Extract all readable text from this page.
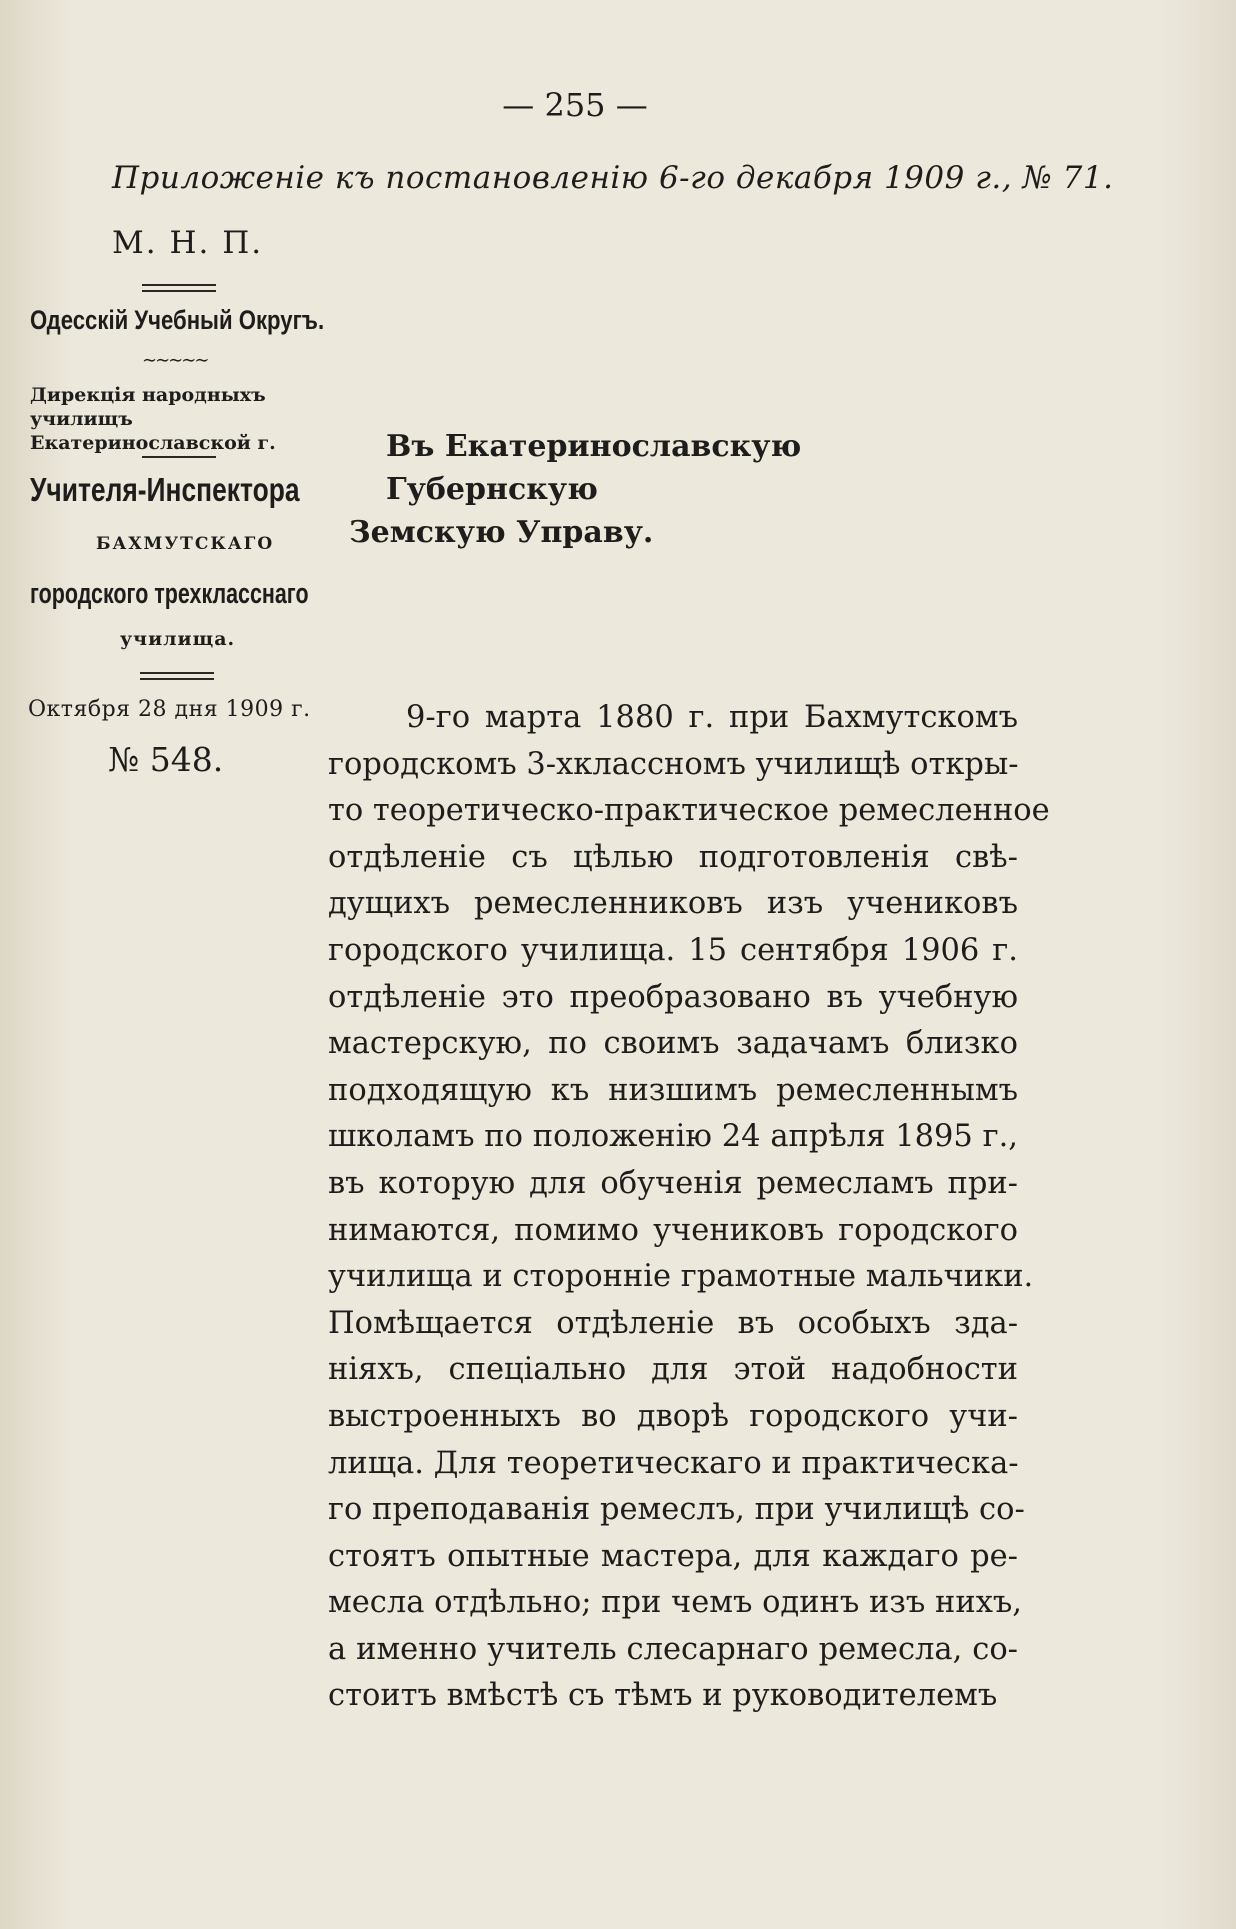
— 255 —
Приложеніе къ постановленію 6-го декабря 1909 г., № 71.
М. Н. П.
Одесскій Учебный Округъ.
∼∼∼∼∼
Дирекція народныхъ училищъ Екатеринославской г.
Учителя-Инспектора
БАХМУТСКАГО
городского трехкласснаго
училища.
Октября 28 дня 1909 г.
№ 548.
Въ Екатеринославскую Губернскую
Земскую Управу.
9-го марта 1880 г. при Бахмутскомъ
городскомъ 3-хклассномъ училищѣ откры-
то теоретическо-практическое ремесленное
отдѣленіе съ цѣлью подготовленія свѣ-
дущихъ ремесленниковъ изъ учениковъ
городского училища. 15 сентября 1906 г.
отдѣленіе это преобразовано въ учебную
мастерскую, по своимъ задачамъ близко
подходящую къ низшимъ ремесленнымъ
школамъ по положенію 24 апрѣля 1895 г.,
въ которую для обученія ремесламъ при-
нимаются, помимо учениковъ городского
училища и сторонніе грамотные мальчики.
Помѣщается отдѣленіе въ особыхъ зда-
ніяхъ, спеціально для этой надобности
выстроенныхъ во дворѣ городского учи-
лища. Для теоретическаго и практическа-
го преподаванія ремеслъ, при училищѣ со-
стоятъ опытные мастера, для каждаго ре-
месла отдѣльно; при чемъ одинъ изъ нихъ,
а именно учитель слесарнаго ремесла, со-
стоитъ вмѣстѣ съ тѣмъ и руководителемъ
